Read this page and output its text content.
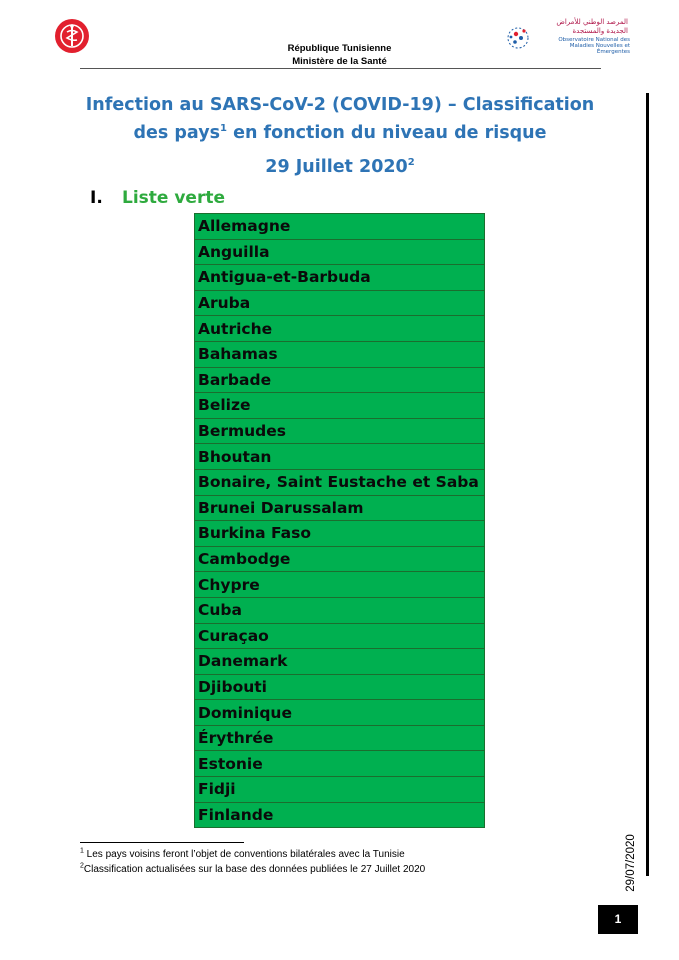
المرصد الوطني للأمراض
الجديدة والمستجدة
Observatoire National des
Maladies Nouvelles et Émergentes
République Tunisienne
Ministère de la Santé
Infection au SARS-CoV-2 (COVID-19) – Classification
des pays$^1$ en fonction du niveau de risque
29 Juillet 2020$^2$
I. Liste verte
Allemagne
Anguilla
Antigua-et-Barbuda
Aruba
Autriche
Bahamas
Barbade
Belize
Bermudes
Bhoutan
Bonaire, Saint Eustache et Saba
Brunei Darussalam
Burkina Faso
Cambodge
Chypre
Cuba
Curaçao
Danemark
Djibouti
Dominique
Érythrée
Estonie
Fidji
Finlande
$^1$ Les pays voisins feront l’objet de conventions bilatérales avec la Tunisie
$^2$Classification actualisées sur la base des données publiées le 27 Juillet 2020	29/07/2020
1
